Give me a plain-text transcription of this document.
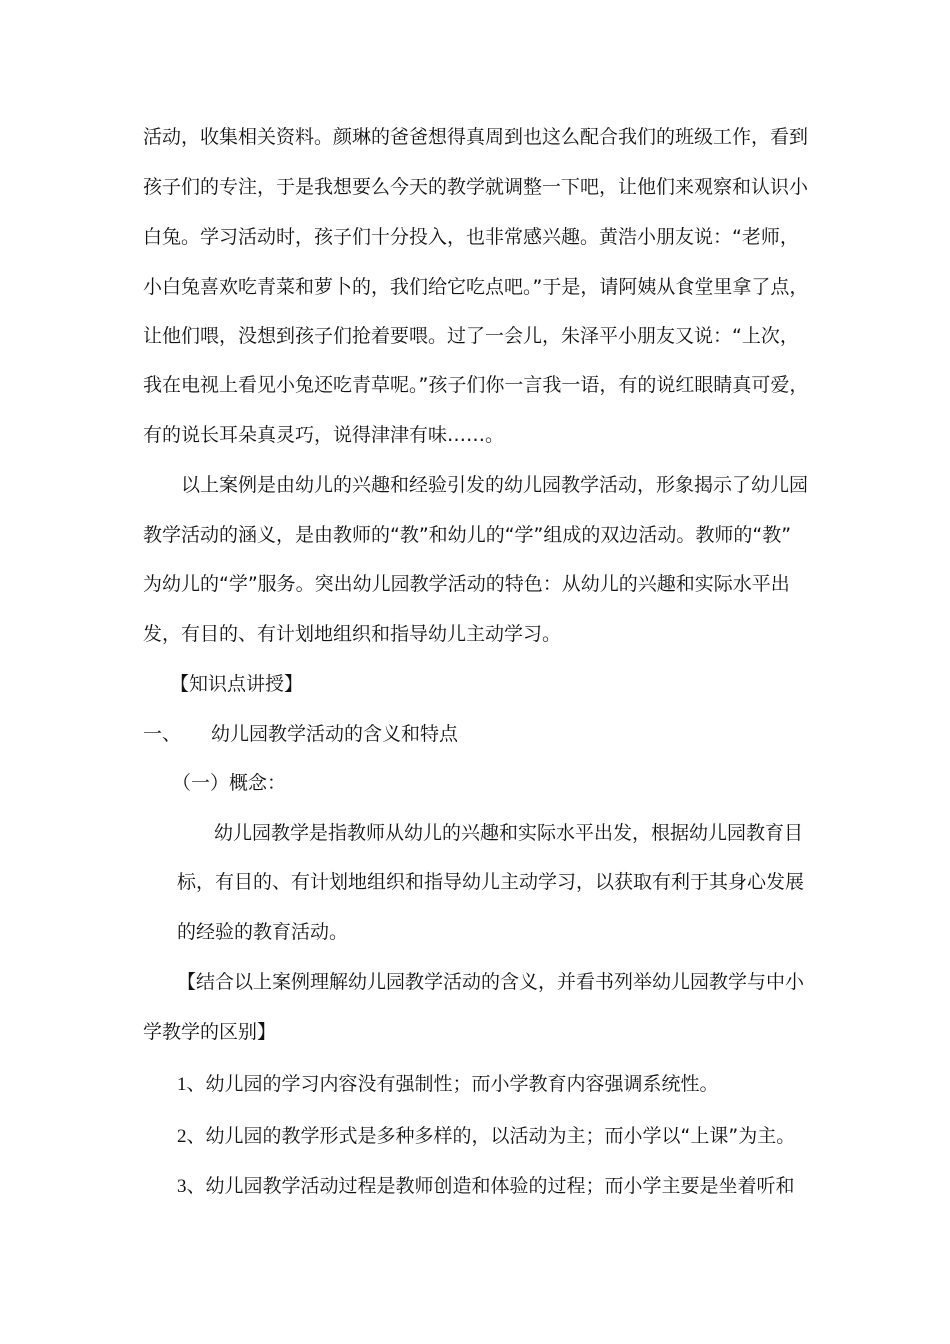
活动，收集相关资料。颜琳的爸爸想得真周到也这么配合我们的班级工作，看到
孩子们的专注，于是我想要么今天的教学就调整一下吧，让他们来观察和认识小
白兔。学习活动时，孩子们十分投入，也非常感兴趣。黄浩小朋友说：“老师，
小白兔喜欢吃青菜和萝卜的，我们给它吃点吧。”于是，请阿姨从食堂里拿了点，
让他们喂，没想到孩子们抢着要喂。过了一会儿，朱泽平小朋友又说：“上次，
我在电视上看见小兔还吃青草呢。”孩子们你一言我一语，有的说红眼睛真可爱，
有的说长耳朵真灵巧，说得津津有味……。
以上案例是由幼儿的兴趣和经验引发的幼儿园教学活动，形象揭示了幼儿园
教学活动的涵义，是由教师的“教”和幼儿的“学”组成的双边活动。教师的“教”
为幼儿的“学”服务。突出幼儿园教学活动的特色：从幼儿的兴趣和实际水平出
发，有目的、有计划地组织和指导幼儿主动学习。
【知识点讲授】
一、 幼儿园教学活动的含义和特点
（一）概念：
幼儿园教学是指教师从幼儿的兴趣和实际水平出发，根据幼儿园教育目
标，有目的、有计划地组织和指导幼儿主动学习，以获取有利于其身心发展
的经验的教育活动。
【结合以上案例理解幼儿园教学活动的含义，并看书列举幼儿园教学与中小
学教学的区别】
1、幼儿园的学习内容没有强制性；而小学教育内容强调系统性。
2、幼儿园的教学形式是多种多样的，以活动为主；而小学以“上课”为主。
3、幼儿园教学活动过程是教师创造和体验的过程；而小学主要是坐着听和
